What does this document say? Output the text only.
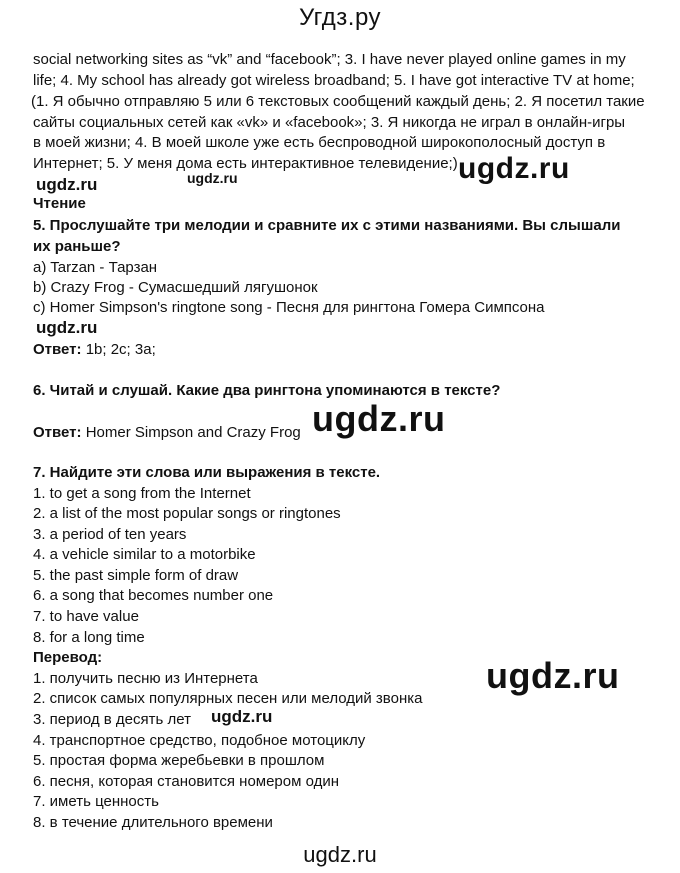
Угдз.ру
social networking sites as “vk” and “facebook”; 3. I have never played online games in my
life; 4. My school has already got wireless broadband; 5. I have got interactive TV at home;
(1. Я обычно отправляю 5 или 6 текстовых сообщений каждый день; 2. Я посетил такие
сайты социальных сетей как «vk» и «facebook»; 3. Я никогда не играл в онлайн-игры
в моей жизни; 4. В моей школе уже есть беспроводной широкополосный доступ в
Интернет; 5. У меня дома есть интерактивное телевидение;) ugdz.ru
ugdz.ru	ugdz.ru
Чтение
5. Прослушайте три мелодии и сравните их с этими названиями. Вы слышали
их раньше?
a) Tarzan - Тарзан
b) Crazy Frog - Сумасшедший лягушонок
c) Homer Simpson's ringtone song - Песня для рингтона Гомера Симпсона
ugdz.ru
Ответ: 1b; 2c; 3a;
6. Читай и слушай. Какие два рингтона упоминаются в тексте?
ugdz.ru
Ответ: Homer Simpson and Crazy Frog
7. Найдите эти слова или выражения в тексте.
1. to get a song from the Internet
2. a list of the most popular songs or ringtones
3. a period of ten years
4. a vehicle similar to a motorbike
5. the past simple form of draw
6. a song that becomes number one
7. to have value
8. for a long time
Перевод:	ugdz.ru
1. получить песню из Интернета
2. список самых популярных песен или мелодий звонка
3. период в десять лет ugdz.ru
4. транспортное средство, подобное мотоциклу
5. простая форма жеребьевки в прошлом
6. песня, которая становится номером один
7. иметь ценность
8. в течение длительного времени
ugdz.ru
